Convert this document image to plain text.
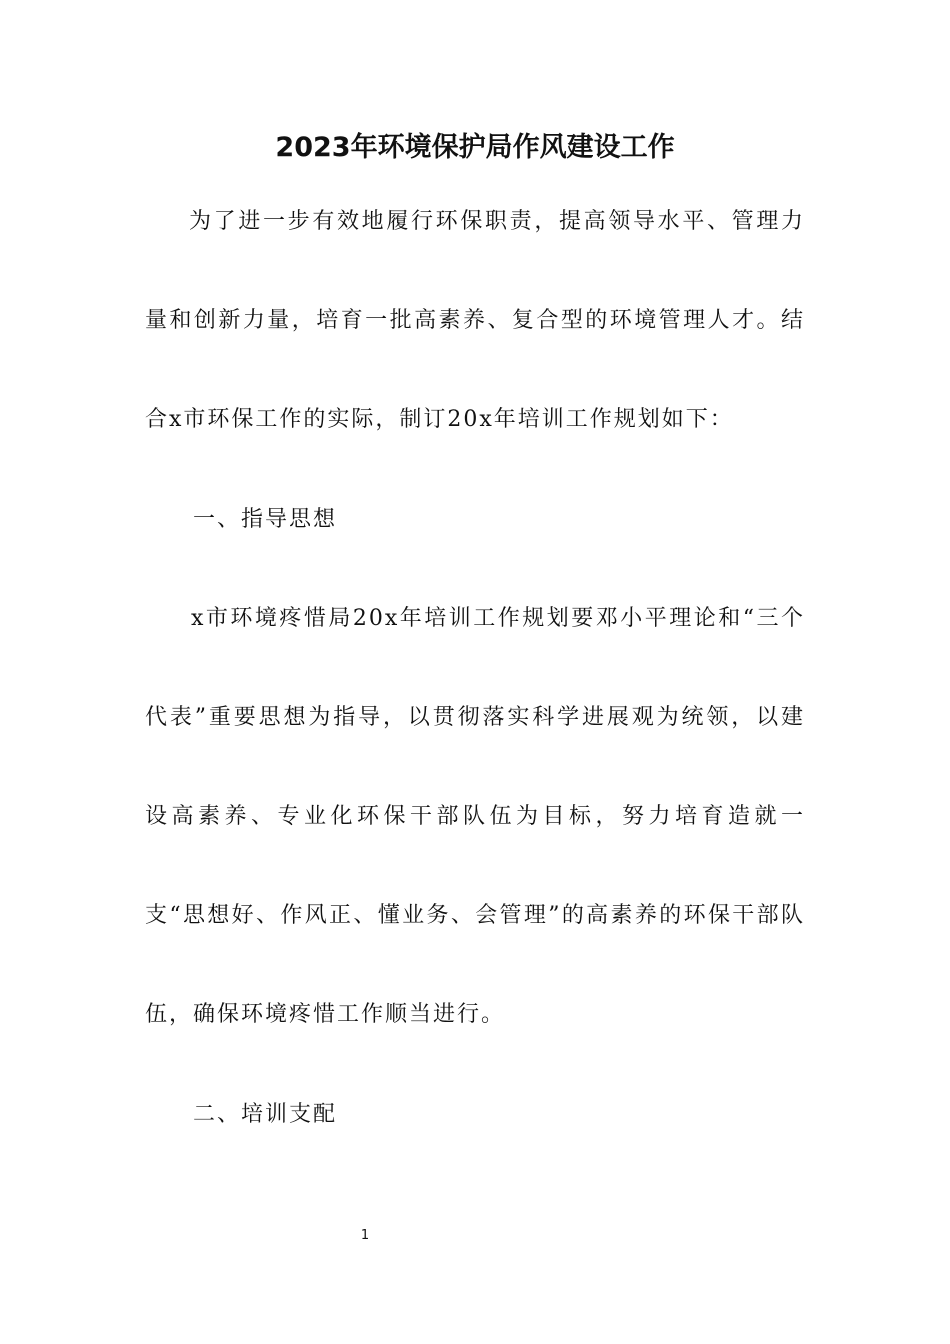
2023年环境保护局作风建设工作
为了进一步有效地履行环保职责，提高领导水平、管理力量和创新力量，培育一批高素养、复合型的环境管理人才。结合x市环保工作的实际，制订20x年培训工作规划如下：
一、指导思想
x市环境疼惜局20x年培训工作规划要邓小平理论和“三个代表”重要思想为指导，以贯彻落实科学进展观为统领，以建设高素养、专业化环保干部队伍为目标，努力培育造就一支“思想好、作风正、懂业务、会管理”的高素养的环保干部队伍，确保环境疼惜工作顺当进行。
二、培训支配
1
